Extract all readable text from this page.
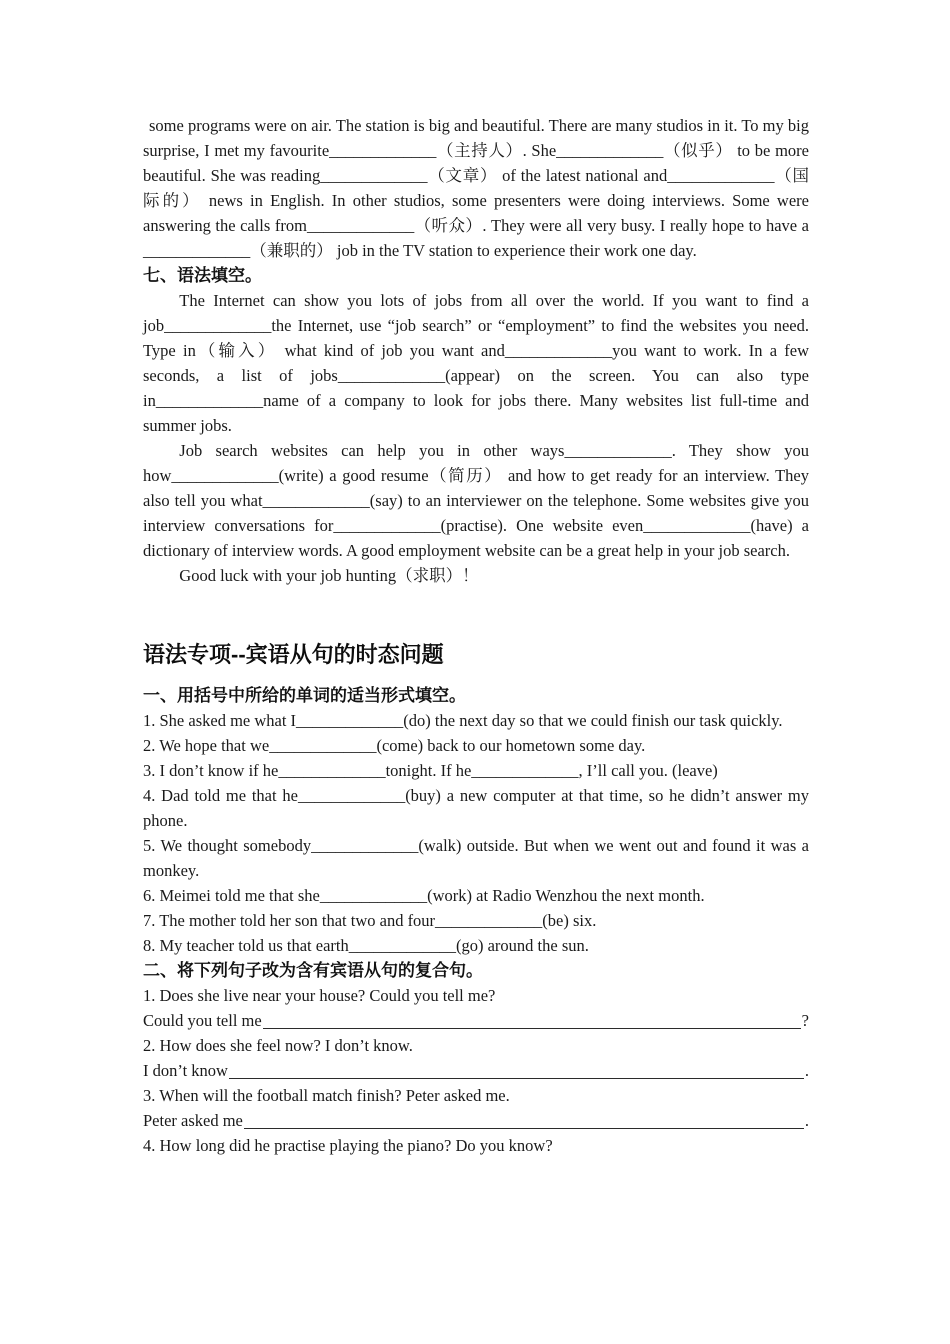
some programs were on air. The station is big and beautiful. There are many studios in it. To my big surprise, I met my favourite_____________（主持人）. She_____________（似乎） to be more beautiful. She was reading_____________（文章） of the latest national and_____________（国际的） news in English. In other studios, some presenters were doing interviews. Some were answering the calls from_____________（听众）. They were all very busy. I really hope to have a _____________（兼职的） job in the TV station to experience their work one day.

七、语法填空。

The Internet can show you lots of jobs from all over the world. If you want to find a job_____________the Internet, use “job search” or “employment” to find the websites you need. Type in（输入） what kind of job you want and_____________you want to work. In a few seconds, a list of jobs_____________(appear) on the screen. You can also type in_____________name of a company to look for jobs there. Many websites list full-time and summer jobs.

Job search websites can help you in other ways_____________. They show you how_____________(write) a good resume（简历） and how to get ready for an interview. They also tell you what_____________(say) to an interviewer on the telephone. Some websites give you interview conversations for_____________(practise). One website even_____________(have) a dictionary of interview words. A good employment website can be a great help in your job search.

Good luck with your job hunting（求职）！

语法专项--宾语从句的时态问题
一、用括号中所给的单词的适当形式填空。

1. She asked me what I_____________(do) the next day so that we could finish our task quickly.

2. We hope that we_____________(come) back to our hometown some day.

3. I don’t know if he_____________tonight. If he_____________, I’ll call you. (leave)

4. Dad told me that he_____________(buy) a new computer at that time, so he didn’t answer my phone.

5. We thought somebody_____________(walk) outside. But when we went out and found it was a monkey.

6. Meimei told me that she_____________(work) at Radio Wenzhou the next month.

7. The mother told her son that two and four_____________(be) six.

8. My teacher told us that earth_____________(go) around the sun.

二、将下列句子改为含有宾语从句的复合句。

1. Does she live near your house? Could you tell me?

Could you tell me	?

2. How does she feel now? I don’t know.

I don’t know	.

3. When will the football match finish? Peter asked me.

Peter asked me	.

4. How long did he practise playing the piano? Do you know?
